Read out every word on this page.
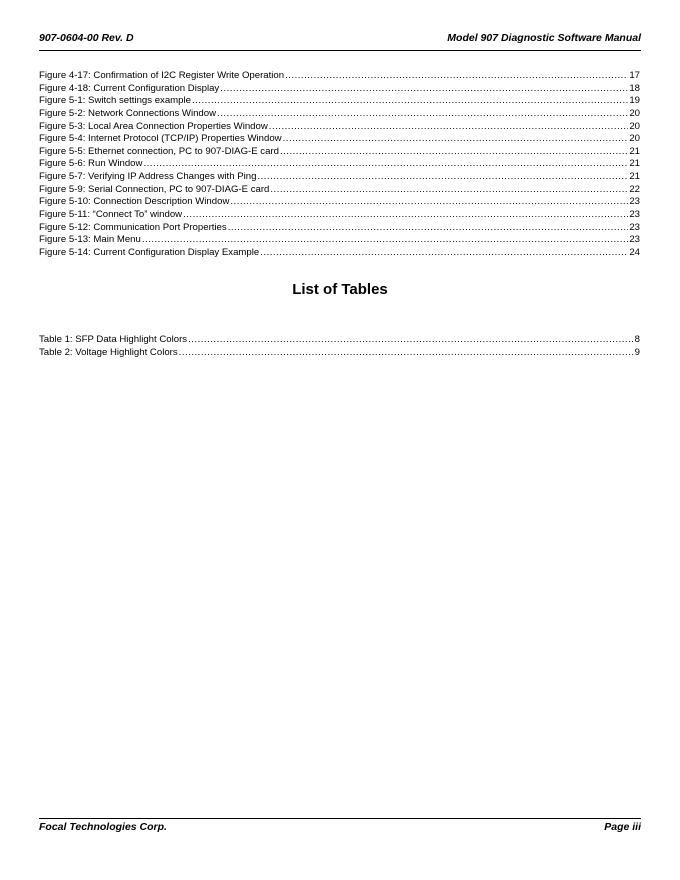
907-0604-00 Rev. D	Model 907 Diagnostic Software Manual
Figure 4-17: Confirmation of I2C Register Write Operation .....	17
Figure 4-18: Current Configuration Display .....	18
Figure 5-1: Switch settings example .....	19
Figure 5-2: Network Connections Window .....	20
Figure 5-3: Local Area Connection Properties Window .....	20
Figure 5-4: Internet Protocol (TCP/IP) Properties Window .....	20
Figure 5-5: Ethernet connection, PC to 907-DIAG-E card .....	21
Figure 5-6: Run Window .....	21
Figure 5-7: Verifying IP Address Changes with Ping .....	21
Figure 5-9: Serial Connection, PC to 907-DIAG-E card .....	22
Figure 5-10: Connection Description Window .....	23
Figure 5-11: “Connect To” window .....	23
Figure 5-12: Communication Port Properties .....	23
Figure 5-13: Main Menu .....	23
Figure 5-14: Current Configuration Display Example .....	24
List of Tables
Table 1: SFP Data Highlight Colors .....	8
Table 2: Voltage Highlight Colors .....	9
Focal Technologies Corp.	Page iii
